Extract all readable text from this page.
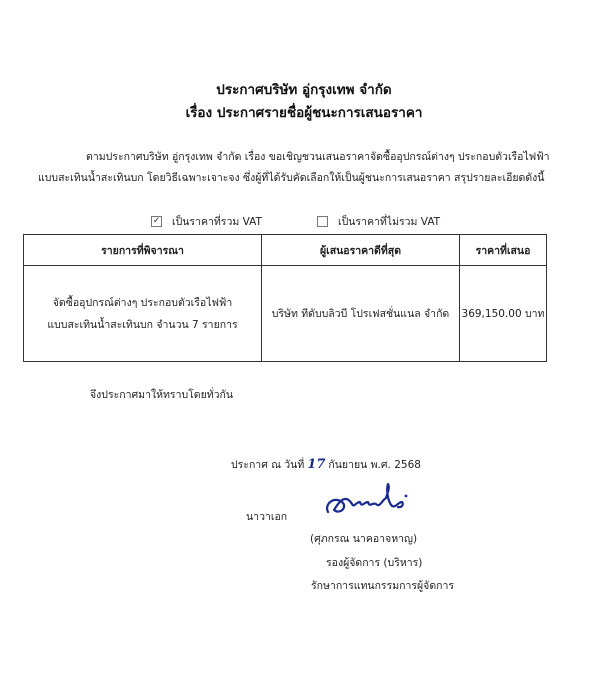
ประกาศบริษัท อู่กรุงเทพ จำกัด
เรื่อง ประกาศรายชื่อผู้ชนะการเสนอราคา
ตามประกาศบริษัท อู่กรุงเทพ จำกัด เรื่อง ขอเชิญชวนเสนอราคาจัดซื้ออุปกรณ์ต่างๆ ประกอบตัวเรือไฟฟ้า
แบบสะเทินน้ำสะเทินบก โดยวิธีเฉพาะเจาะจง ซึ่งผู้ที่ได้รับคัดเลือกให้เป็นผู้ชนะการเสนอราคา สรุปรายละเอียดดังนี้
✓ เป็นราคาที่รวม VAT	เป็นราคาที่ไม่รวม VAT
รายการที่พิจารณา	ผู้เสนอราคาดีที่สุด	ราคาที่เสนอ

จัดซื้ออุปกรณ์ต่างๆ ประกอบตัวเรือไฟฟ้า
แบบสะเทินน้ำสะเทินบก จำนวน 7 รายการ	บริษัท ทีดับบลิวบี โปรเฟสชั่นแนล จำกัด	369,150.00 บาท
จึงประกาศมาให้ทราบโดยทั่วกัน
ประกาศ ณ วันที่ 17 กันยายน พ.ศ. 2568
นาวาเอก
(ศุภกรณ นาคอาจหาญ)
รองผู้จัดการ (บริหาร)
รักษาการแทนกรรมการผู้จัดการ
